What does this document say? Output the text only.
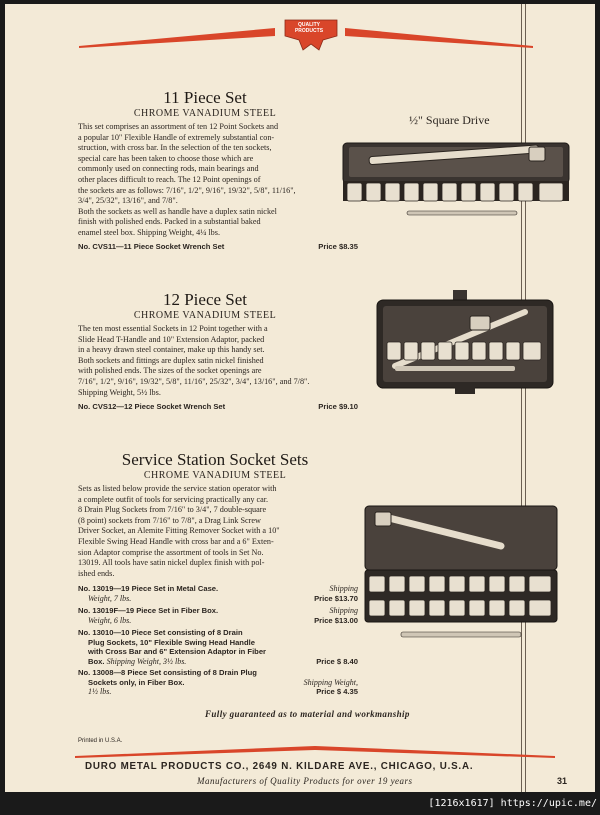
QUALITY
PRODUCTS
½" Square Drive
11 Piece Set
CHROME VANADIUM STEEL
This set comprises an assortment of ten 12 Point Sockets and
a popular 10" Flexible Handle of extremely substantial con-
struction, with cross bar. In the selection of the ten sockets,
special care has been taken to choose those which are
commonly used on connecting rods, main bearings and
other places difficult to reach. The 12 Point openings of
the sockets are as follows: 7/16", 1/2", 9/16", 19/32", 5/8", 11/16",
3/4", 25/32", 13/16", and 7/8".
Both the sockets as well as handle have a duplex satin nickel
finish with polished ends. Packed in a substantial baked
enamel steel box. Shipping Weight, 4¼ lbs.
No. CVS11—11 Piece Socket Wrench Set	Price $8.35
12 Piece Set
CHROME VANADIUM STEEL
The ten most essential Sockets in 12 Point together with a
Slide Head T-Handle and 10" Extension Adaptor, packed
in a heavy drawn steel container, make up this handy set.
Both sockets and fittings are duplex satin nickel finished
with polished ends. The sizes of the socket openings are
7/16", 1/2", 9/16", 19/32", 5/8", 11/16", 25/32", 3/4", 13/16", and 7/8".
Shipping Weight, 5½ lbs.
No. CVS12—12 Piece Socket Wrench Set	Price $9.10
Service Station Socket Sets
CHROME VANADIUM STEEL
Sets as listed below provide the service station operator with
a complete outfit of tools for servicing practically any car.
8 Drain Plug Sockets from 7/16" to 3/4", 7 double-square
(8 point) sockets from 7/16" to 7/8", a Drag Link Screw
Driver Socket, an Alemite Fitting Remover Socket with a 10"
Flexible Swing Head Handle with cross bar and a 6" Exten-
sion Adaptor comprise the assortment of tools in Set No.
13019. All tools have satin nickel duplex finish with pol-
ished ends.
No. 13019—19 Piece Set in Metal Case.	Shipping
Weight, 7 lbs.	Price $13.70
No. 13019F—19 Piece Set in Fiber Box.	Shipping
Weight, 6 lbs.	Price $13.00
No. 13010—10 Piece Set consisting of 8 Drain
Plug Sockets, 10" Flexible Swing Head Handle
with Cross Bar and 6" Extension Adaptor in Fiber
Box. Shipping Weight, 3½ lbs.	Price $ 8.40
No. 13008—8 Piece Set consisting of 8 Drain Plug
Sockets only, in Fiber Box.	Shipping Weight,
1½ lbs.	Price $ 4.35
Fully guaranteed as to material and workmanship
Printed in U.S.A.
DURO METAL PRODUCTS CO., 2649 N. KILDARE AVE., CHICAGO, U.S.A.
Manufacturers of Quality Products for over 19 years	31
[1216x1617] https://upic.me/
